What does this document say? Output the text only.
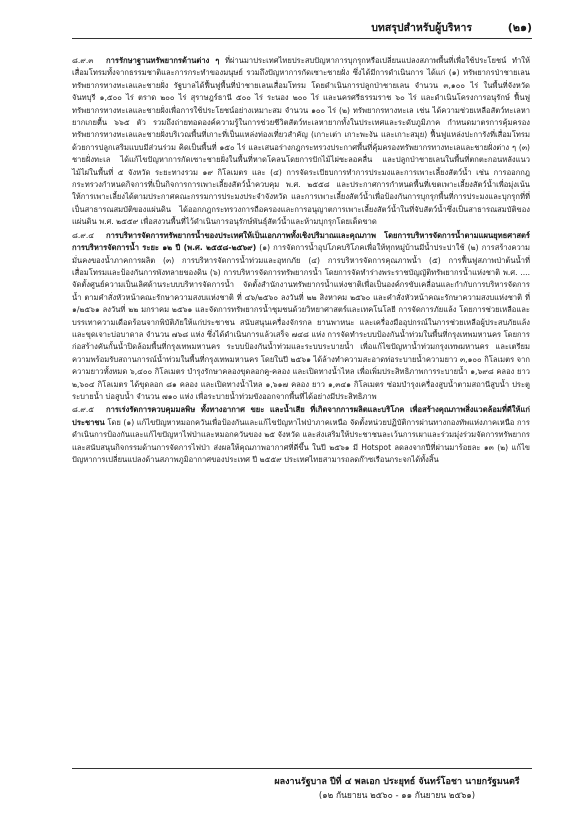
บทสรุปสำหรับผู้บริหาร	(๒๑)

๘.๙.๓ การรักษาฐานทรัพยากรด้านต่าง ๆ ที่ผ่านมาประเทศไทยประสบปัญหาการบุกรุกหรือเปลี่ยนแปลงสภาพพื้นที่เพื่อใช้ประโยชน์ ทำให้เสื่อมโทรมทั้งจากธรรมชาติและการกระทำของมนุษย์ รวมถึงปัญหาการกัดเซาะชายฝั่ง ซึ่งได้มีการดำเนินการ ได้แก่ (๑) ทรัพยากรป่าชายเลน ทรัพยากรทางทะเลและชายฝั่ง รัฐบาลได้ฟื้นฟูพื้นที่ป่าชายเลนเสื่อมโทรม โดยดำเนินการปลูกป่าชายเลน จำนวน ๓,๑๐๐ ไร่ ในพื้นที่จังหวัดจันทบุรี ๑,๕๐๐ ไร่ ตราด ๒๐๐ ไร่ สุราษฎร์ธานี ๕๐๐ ไร่ ระนอง ๒๐๐ ไร่ และนครศรีธรรมราช ๖๐ ไร่ และดำเนินโครงการอนุรักษ์ ฟื้นฟูทรัพยากรทางทะเลและชายฝั่งเพื่อการใช้ประโยชน์อย่างเหมาะสม จำนวน ๑๐๐ ไร่ (๒) ทรัพยากรทางทะเล เช่น ได้ความช่วยเหลือสัตว์ทะเลหายากเกยตื้น ๖๖๕ ตัว รวมถึงถ่ายทอดองค์ความรู้ในการช่วยชีวิตสัตว์ทะเลหายากทั้งในประเทศและระดับภูมิภาค กำหนดมาตรการคุ้มครองทรัพยากรทางทะเลและชายฝั่งบริเวณพื้นที่เกาะที่เป็นแหล่งท่องเที่ยวสำคัญ (เกาะเต่า เกาะพะงัน และเกาะสมุย) ฟื้นฟูแหล่งปะการังที่เสื่อมโทรมด้วยการปลูกเสริมแบบมีส่วนร่วม คิดเป็นพื้นที่ ๑๕๐ ไร่ และเสนอร่างกฎกระทรวงประกาศพื้นที่คุ้มครองทรัพยากรทางทะเลและชายฝั่งต่าง ๆ (๓) ชายฝั่งทะเล ได้แก้ไขปัญหาการกัดเซาะชายฝั่งในพื้นที่หาดโคลนโดยการปักไม้ไผ่ชะลอคลื่น และปลูกป่าชายเลนในพื้นที่ตกตะกอนหลังแนวไม้ไผ่ในพื้นที่ ๕ จังหวัด ระยะทางรวม ๑๙ กิโลเมตร และ (๔) การจัดระเบียบการทำการประมงและการเพาะเลี้ยงสัตว์น้ำ เช่น การออกกฎกระทรวงกำหนดกิจการที่เป็นกิจการการเพาะเลี้ยงสัตว์น้ำควบคุม พ.ศ. ๒๕๕๘ และประกาศการกำหนดพื้นที่เขตเพาะเลี้ยงสัตว์น้ำเพื่อมุ่งเน้นให้การเพาะเลี้ยงได้ตามประกาศคณะกรรมการประมงประจำจังหวัด และการเพาะเลี้ยงสัตว์น้ำเพื่อป้องกันการบุกรุกพื้นที่การประมงและบุกรุกที่ที่เป็นสาธารณสมบัติของแผ่นดิน ได้ออกกฎกระทรวงการถือครองและการอนุญาตการเพาะเลี้ยงสัตว์น้ำในที่จับสัตว์น้ำซึ่งเป็นสาธารณสมบัติของแผ่นดิน พ.ศ. ๒๕๕๙ เพื่อสงวนพื้นที่ไว้ดำเนินการอนุรักษ์พันธุ์สัตว์น้ำและห้ามบุกรุกโดยเด็ดขาด

๘.๙.๔ การบริหารจัดการทรัพยากรน้ำของประเทศให้เป็นเอกภาพทั้งเชิงปริมาณและคุณภาพ โดยการบริหารจัดการน้ำตามแผนยุทธศาสตร์การบริหารจัดการน้ำ ระยะ ๑๒ ปี (พ.ศ. ๒๕๕๘-๒๕๖๙) (๑) การจัดการน้ำอุปโภคบริโภคเพื่อให้ทุกหมู่บ้านมีน้ำประปาใช้ (๒) การสร้างความมั่นคงของน้ำภาคการผลิต (๓) การบริหารจัดการน้ำท่วมและอุทกภัย (๔) การบริหารจัดการคุณภาพน้ำ (๕) การฟื้นฟูสภาพป่าต้นน้ำที่เสื่อมโทรมและป้องกันการพังทลายของดิน (๖) การบริหารจัดการทรัพยากรน้ำ โดยการจัดทำร่างพระราชบัญญัติทรัพยากรน้ำแห่งชาติ พ.ศ. .... จัดตั้งศูนย์ความเป็นเลิศด้านระบบบริหารจัดการน้ำ จัดตั้งสำนักงานทรัพยากรน้ำแห่งชาติเพื่อเป็นองค์กรขับเคลื่อนและกำกับการบริหารจัดการน้ำ ตามคำสั่งหัวหน้าคณะรักษาความสงบแห่งชาติ ที่ ๔๖/๒๕๖๐ ลงวันที่ ๒๒ สิงหาคม ๒๕๖๐ และคำสั่งหัวหน้าคณะรักษาความสงบแห่งชาติ ที่ ๑/๒๕๖๑ ลงวันที่ ๒๒ มกราคม ๒๕๖๑ และจัดการทรัพยากรน้ำชุมชนด้วยวิทยาศาสตร์และเทคโนโลยี การจัดการภัยแล้ง โดยการช่วยเหลือและบรรเทาความเดือดร้อนจากพิบัติภัยให้แก่ประชาชน สนับสนุนเครื่องจักรกล ยานพาหนะ และเครื่องมืออุปกรณ์ในการช่วยเหลือผู้ประสบภัยแล้ง และขุดเจาะบ่อบาดาล จำนวน ๗๖๘ แห่ง ซึ่งได้ดำเนินการแล้วเสร็จ ๗๔๘ แห่ง การจัดทำระบบป้องกันน้ำท่วมในพื้นที่กรุงเทพมหานคร โดยการก่อสร้างคันกั้นน้ำปิดล้อมพื้นที่กรุงเทพมหานคร ระบบป้องกันน้ำท่วมและระบบระบายน้ำ เพื่อแก้ไขปัญหาน้ำท่วมกรุงเทพมหานคร และเตรียมความพร้อมรับสถานการณ์น้ำท่วมในพื้นที่กรุงเทพมหานคร โดยในปี ๒๕๖๑ ได้ล้างทำความสะอาดท่อระบายน้ำความยาว ๓,๑๐๐ กิโลเมตร จากความยาวทั้งหมด ๖,๔๐๐ กิโลเมตร บำรุงรักษาคลองขุดลอกคู-คลอง และเปิดทางน้ำไหล เพื่อเพิ่มประสิทธิภาพการระบายน้ำ ๑,๖๙๘ คลอง ยาว ๒,๖๐๔ กิโลเมตร ได้ขุดลอก ๘๑ คลอง และเปิดทางน้ำไหล ๑,๖๑๗ คลอง ยาว ๑,๓๔๑ กิโลเมตร ซ่อมบำรุงเครื่องสูบน้ำตามสถานีสูบน้ำ ประตูระบายน้ำ บ่อสูบน้ำ จำนวน ๗๑๐ แห่ง เพื่อระบายน้ำท่วมขังออกจากพื้นที่ได้อย่างมีประสิทธิภาพ

๘.๙.๕ การเร่งรัดการควบคุมมลพิษ ทั้งทางอากาศ ขยะ และน้ำเสีย ที่เกิดจากการผลิตและบริโภค เพื่อสร้างคุณภาพสิ่งแวดล้อมที่ดีให้แก่ประชาชน โดย (๑) แก้ไขปัญหาหมอกควันเพื่อป้องกันและแก้ไขปัญหาไฟป่าภาคเหนือ จัดตั้งหน่วยปฏิบัติการผ่านทางกองทัพแห่งภาคเหนือ การดำเนินการป้องกันและแก้ไขปัญหาไฟป่าและหมอกควันของ ๒๕ จังหวัด และส่งเสริมให้ประชาชนละเว้นการเผาและร่วมมุ่งร่วมจัดการทรัพยากร และสนับสนุนกิจกรรมด้านการจัดการไฟป่า ส่งผลให้คุณภาพอากาศที่ดีขึ้น ในปี ๒๕๖๑ มี Hotspot ลดลงจากปีที่ผ่านมาร้อยละ ๑๓ (๒) แก้ไขปัญหาการเปลี่ยนแปลงด้านสภาพภูมิอากาศของประเทศ ปี ๒๕๕๙ ประเทศไทยสามารถลดก๊าซเรือนกระจกได้ทั้งสิ้น

ผลงานรัฐบาล ปีที่ ๔ พลเอก ประยุทธ์ จันทร์โอชา นายกรัฐมนตรี
(๑๒ กันยายน ๒๕๖๐ - ๑๑ กันยายน ๒๕๖๑)
